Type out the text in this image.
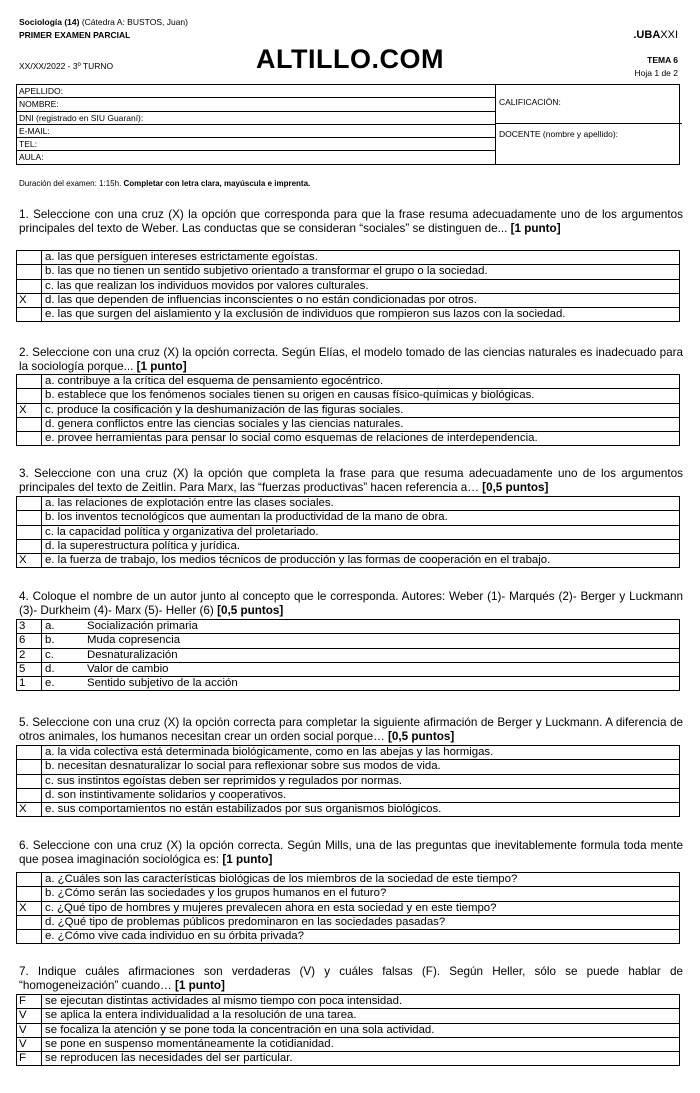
Sociología (14) (Cátedra A: BUSTOS, Juan)
PRIMER EXAMEN PARCIAL
XX/XX/2022 - 3º TURNO	ALTILLO.COM
.UBAXXI
TEMA 6
Hoja 1 de 2
APELLIDO:
NOMBRE:
DNI (registrado en SIU Guaraní):
E-MAIL:
TEL:
AULA:
CALIFICACIÓN:
DOCENTE (nombre y apellido):
Duración del examen: 1:15h. Completar con letra clara, mayúscula e imprenta.
1. Seleccione con una cruz (X) la opción que corresponda para que la frase resuma adecuadamente uno de los argumentos principales del texto de Weber. Las conductas que se consideran “sociales” se distinguen de... [1 punto]
	a. las que persiguen intereses estrictamente egoístas.
	b. las que no tienen un sentido subjetivo orientado a transformar el grupo o la sociedad.
	c. las que realizan los individuos movidos por valores culturales.
X	d. las que dependen de influencias inconscientes o no están condicionadas por otros.
	e. las que surgen del aislamiento y la exclusión de individuos que rompieron sus lazos con la sociedad.
2. Seleccione con una cruz (X) la opción correcta. Según Elías, el modelo tomado de las ciencias naturales es inadecuado para la sociología porque... [1 punto]
	a. contribuye a la crítica del esquema de pensamiento egocéntrico.
	b. establece que los fenómenos sociales tienen su origen en causas físico-químicas y biológicas.
X	c. produce la cosificación y la deshumanización de las figuras sociales.
	d. genera conflictos entre las ciencias sociales y las ciencias naturales.
	e. provee herramientas para pensar lo social como esquemas de relaciones de interdependencia.
3. Seleccione con una cruz (X) la opción que completa la frase para que resuma adecuadamente uno de los argumentos principales del texto de Zeitlin. Para Marx, las “fuerzas productivas” hacen referencia a… [0,5 puntos]
	a. las relaciones de explotación entre las clases sociales.
	b. los inventos tecnológicos que aumentan la productividad de la mano de obra.
	c. la capacidad política y organizativa del proletariado.
	d. la superestructura política y jurídica.
X	e. la fuerza de trabajo, los medios técnicos de producción y las formas de cooperación en el trabajo.
4. Coloque el nombre de un autor junto al concepto que le corresponda. Autores: Weber (1)- Marqués (2)- Berger y Luckmann (3)- Durkheim (4)- Marx (5)- Heller (6) [0,5 puntos]
3	a. Socialización primaria
6	b. Muda copresencia
2	c. Desnaturalización
5	d. Valor de cambio
1	e. Sentido subjetivo de la acción
5. Seleccione con una cruz (X) la opción correcta para completar la siguiente afirmación de Berger y Luckmann. A diferencia de otros animales, los humanos necesitan crear un orden social porque… [0,5 puntos]
	a. la vida colectiva está determinada biológicamente, como en las abejas y las hormigas.
	b. necesitan desnaturalizar lo social para reflexionar sobre sus modos de vida.
	c. sus instintos egoístas deben ser reprimidos y regulados por normas.
	d. son instintivamente solidarios y cooperativos.
X	e. sus comportamientos no están estabilizados por sus organismos biológicos.
6. Seleccione con una cruz (X) la opción correcta. Según Mills, una de las preguntas que inevitablemente formula toda mente que posea imaginación sociológica es: [1 punto]
	a. ¿Cuáles son las características biológicas de los miembros de la sociedad de este tiempo?
	b. ¿Cómo serán las sociedades y los grupos humanos en el futuro?
X	c. ¿Qué tipo de hombres y mujeres prevalecen ahora en esta sociedad y en este tiempo?
	d. ¿Qué tipo de problemas públicos predominaron en las sociedades pasadas?
	e. ¿Cómo vive cada individuo en su órbita privada?
7. Indique cuáles afirmaciones son verdaderas (V) y cuáles falsas (F). Según Heller, sólo se puede hablar de “homogeneización” cuando… [1 punto]
F	se ejecutan distintas actividades al mismo tiempo con poca intensidad.
V	se aplica la entera individualidad a la resolución de una tarea.
V	se focaliza la atención y se pone toda la concentración en una sola actividad.
V	se pone en suspenso momentáneamente la cotidianidad.
F	se reproducen las necesidades del ser particular.
